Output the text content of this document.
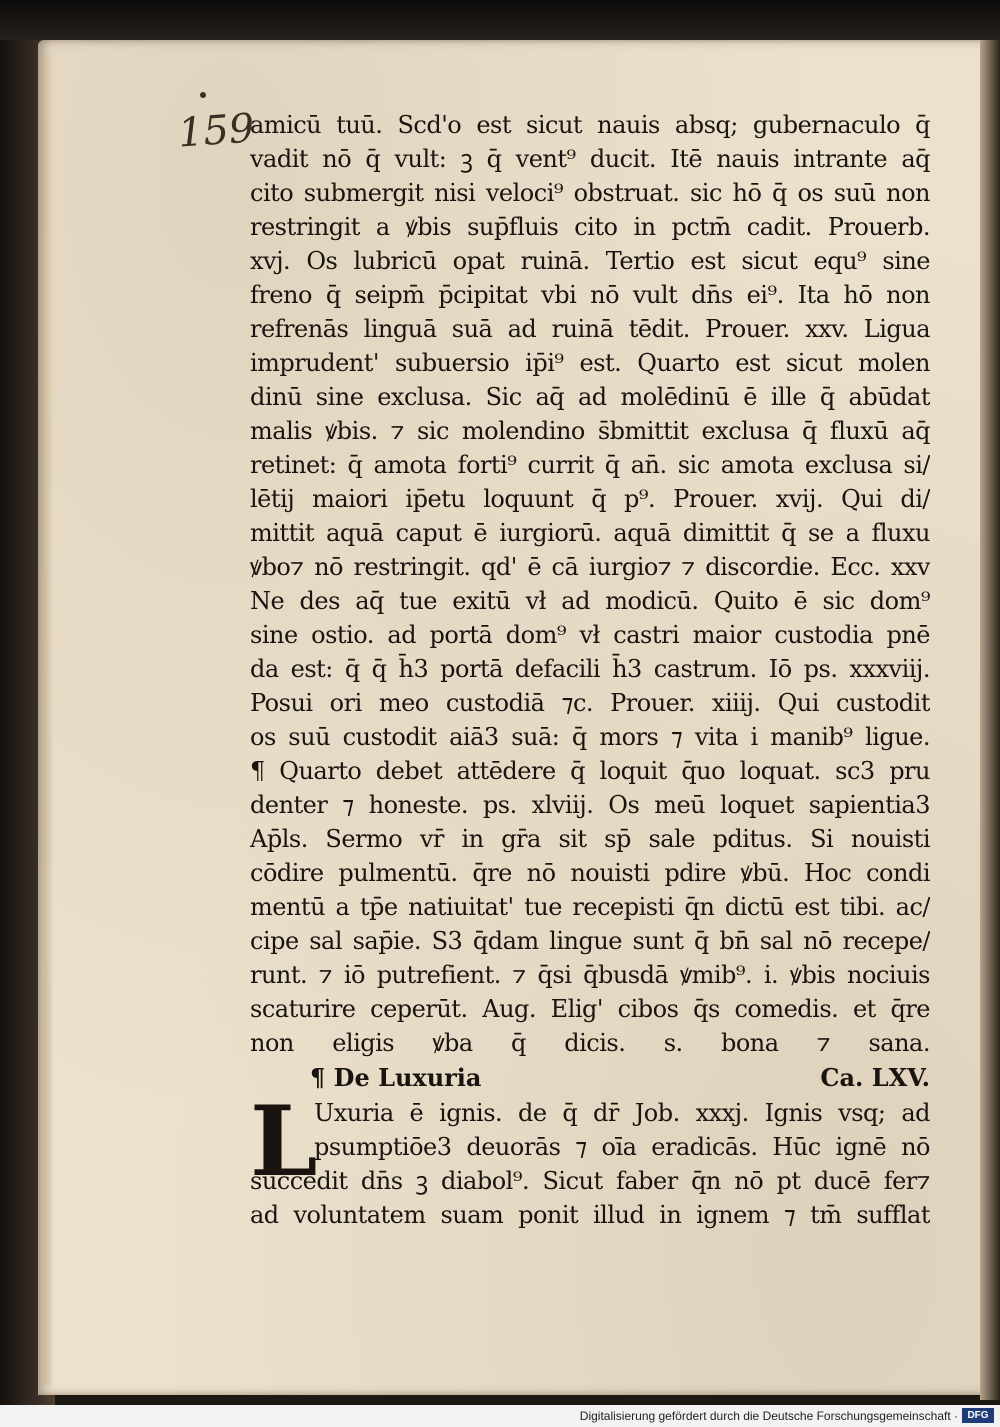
159
amicū tuū. Scd'o est sicut nauis absq; gubernaculo q̄
vadit nō q̄ vult: ꝫ q̄ vent⁹ ducit. Itē nauis intrante aq̄
cito submergit nisi veloci⁹ obstruat. sic hō q̄ os suū non
restringit a ꝟbis sup̄fluis cito in pctm̄ cadit. Prouerb.
xvj. Os lubricū opat ruinā. Tertio est sicut equ⁹ sine
freno q̄ seipm̄ p̄cipitat vbi nō vult dn̄s ei⁹. Ita hō non
refrenās linguā suā ad ruinā tēdit. Prouer. xxv. Ligua
imprudent' subuersio ip̄i⁹ est. Quarto est sicut molen
dinū sine exclusa. Sic aq̄ ad molēdinū ē ille q̄ abūdat
malis ꝟbis. ⁊ sic molendino s̄bmittit exclusa q̄ fluxū aq̄
retinet: q̄ amota forti⁹ currit q̄ an̄. sic amota exclusa si/
lētij maiori ip̄etu loquunt q̄ p⁹. Prouer. xvij. Qui di/
mittit aquā caput ē iurgiorū. aquā dimittit q̄ se a fluxu
ꝟbo⁊ nō restringit. qd' ē cā iurgio⁊ ⁊ discordie. Ecc. xxv
Ne des aq̄ tue exitū vł ad modicū. Quito ē sic dom⁹
sine ostio. ad portā dom⁹ vł castri maior custodia pnē
da est: q̄ q̄ h̄3 portā defacili h̄3 castrum. Iō ps. xxxviij.
Posui ori meo custodiā ⁊c. Prouer. xiiij. Qui custodit
os suū custodit aiā3 suā: q̄ mors ⁊ vita i manib⁹ ligue.
¶ Quarto debet attēdere q̄ loquit q̄uo loquat. sc3 pru
denter ⁊ honeste. ps. xlviij. Os meū loquet sapientia3
Ap̄ls. Sermo vr̄ in gr̄a sit sp̄ sale pditus. Si nouisti
cōdire pulmentū. q̄re nō nouisti pdire ꝟbū. Hoc condi
mentū a tp̄e natiuitat' tue recepisti q̄n dictū est tibi. ac/
cipe sal sap̄ie. S3 q̄dam lingue sunt q̄ bn̄ sal nō recepe/
runt. ⁊ iō putrefient. ⁊ q̄si q̄busdā ꝟmib⁹. i. ꝟbis nociuis
scaturire ceperūt. Aug. Elig' cibos q̄s comedis. et q̄re
non eligis ꝟba q̄ dicis. s. bona ⁊ sana.
¶ De Luxuria	Ca. LXV.
L
Uxuria ē ignis. de q̄ dr̄ Job. xxxj. Ignis vsq; ad
psumptiōe3 deuorās ⁊ oīa eradicās. Hūc ignē nō
succēdit dn̄s ꝫ diabol⁹. Sicut faber q̄n nō pt ducē fer⁊
ad voluntatem suam ponit illud in ignem ⁊ tm̄ sufflat
Digitalisierung gefördert durch die Deutsche Forschungsgemeinschaft · DFG
